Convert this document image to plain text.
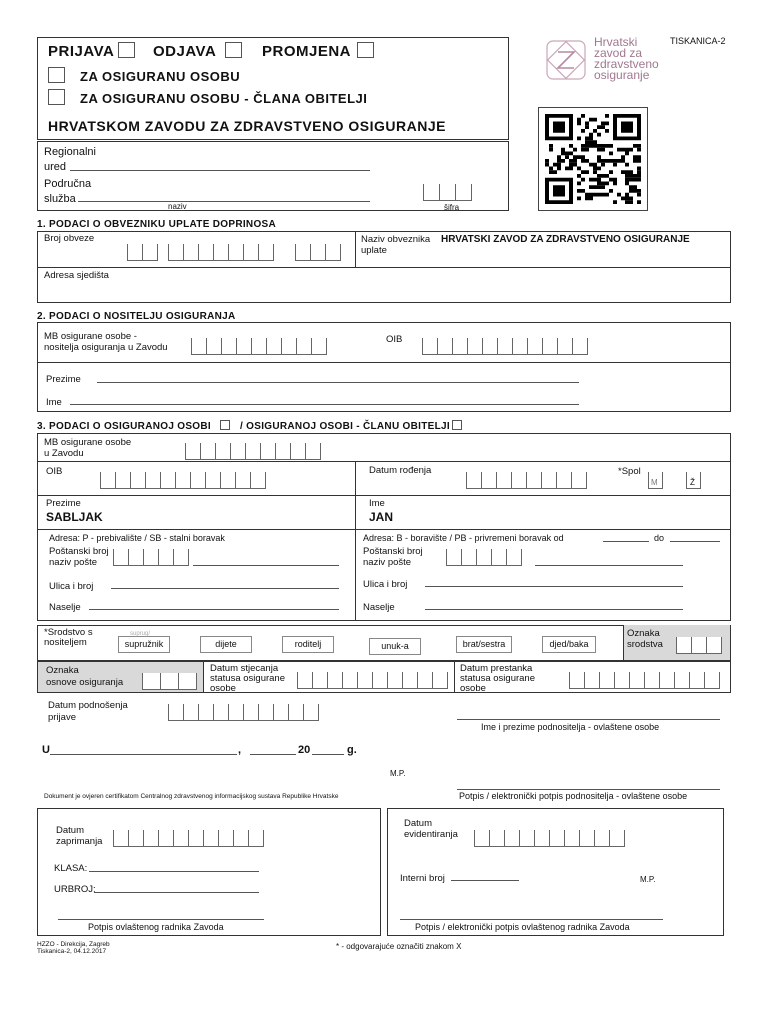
PRIJAVA	ODJAVA	PROMJENA
ZA OSIGURANU OSOBU
ZA OSIGURANU OSOBU - ČLANA OBITELJI
HRVATSKOM ZAVODU ZA ZDRAVSTVENO OSIGURANJE
Regionalni
ured
Područna
služba
naziv	šifra
Hrvatski
zavod za
zdravstveno
osiguranje
TISKANICA-2
1. PODACI O OBVEZNIKU UPLATE DOPRINOSA
Broj obveze	Naziv obveznika
uplate
HRVATSKI ZAVOD ZA ZDRAVSTVENO OSIGURANJE
Adresa sjedišta
2. PODACI O NOSITELJU OSIGURANJA
MB osigurane osobe -
nositelja osiguranja u Zavodu
OIB
Prezime
Ime
3. PODACI O OSIGURANOJ OSOBI	/ OSIGURANOJ OSOBI - ČLANU OBITELJI
MB osigurane osobe
u Zavodu
OIB	Datum rođenja	*Spol
M	Ž
Prezime
SABLJAK
Ime
JAN
Adresa: P - prebivalište / SB - stalni boravak
Poštanski broj
naziv pošte
Ulica i broj
Naselje
Adresa: B - boravište / PB - privremeni boravak od	do
Poštanski broj
naziv pošte
Ulica i broj
Naselje
*Srodstvo s
nositeljem	supružnik
suprug/
dijete	roditelj	unuk-a	brat/sestra	djed/baka
Oznaka
srodstva
Oznaka
osnove osiguranja
Datum stjecanja
statusa osigurane
osobe
Datum prestanka
statusa osigurane
osobe
Datum podnošenja
prijave
Ime i prezime podnositelja - ovlaštene osobe
U	,	20	g.
M.P.
Dokument je ovjeren certifikatom Centralnog zdravstvenog informacijskog sustava Republike Hrvatske	Potpis / elektronički potpis podnositelja - ovlaštene osobe
Datum
zaprimanja
KLASA:
URBROJ:
Potpis ovlaštenog radnika Zavoda
Datum
evidentiranja
Interni broj	M.P.
Potpis / elektronički potpis ovlaštenog radnika Zavoda
HZZO - Direkcija, Zagreb
Tiskanica-2, 04.12.2017
* - odgovarajuće označiti znakom X
